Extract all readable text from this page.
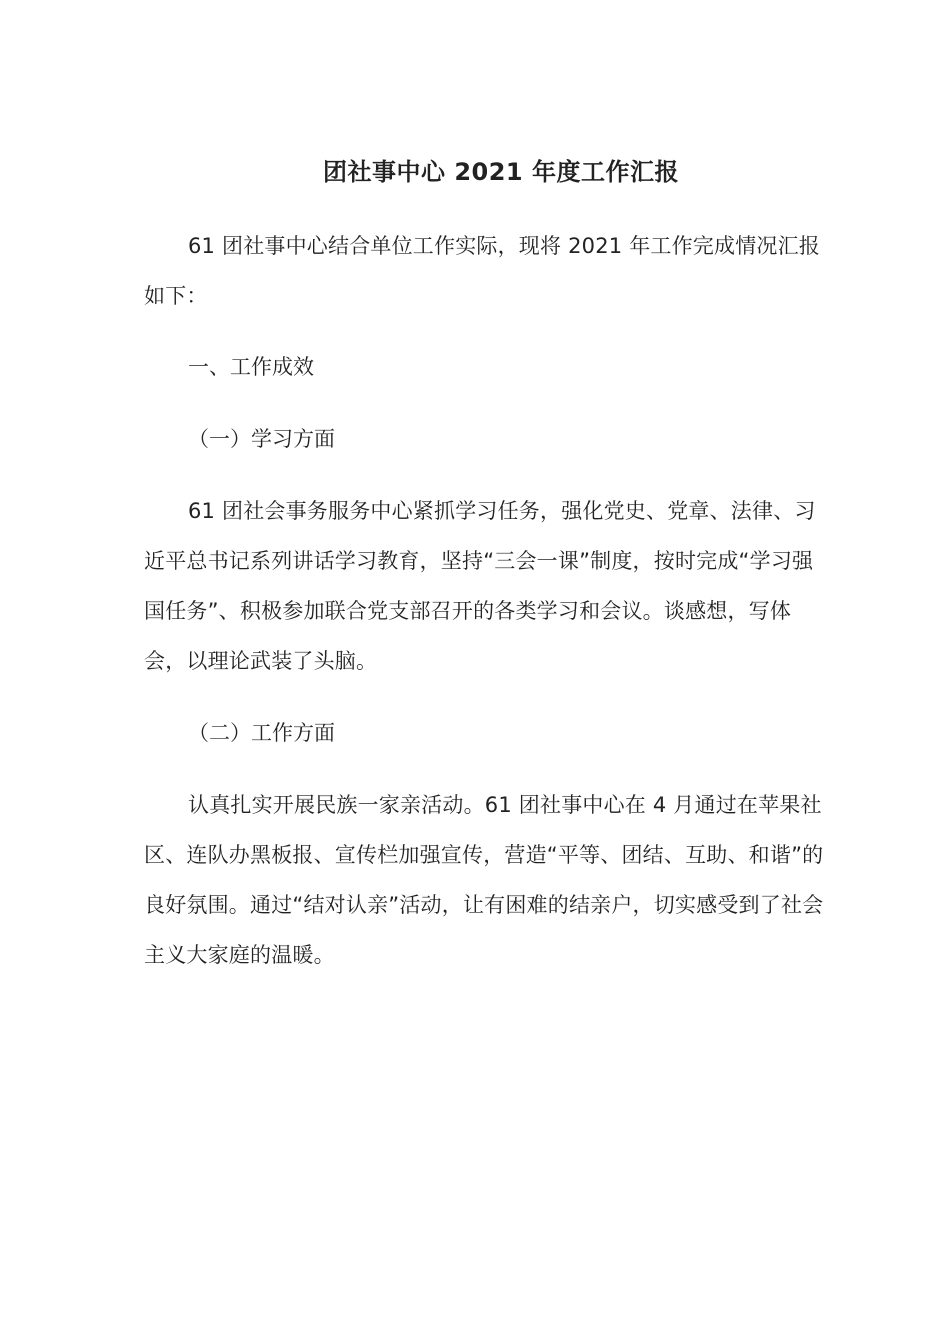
团社事中心 2021 年度工作汇报

61 团社事中心结合单位工作实际，现将 2021 年工作完成情况汇报如下：

一、工作成效

（一）学习方面

61 团社会事务服务中心紧抓学习任务，强化党史、党章、法律、习近平总书记系列讲话学习教育，坚持“三会一课”制度，按时完成“学习强国任务”、积极参加联合党支部召开的各类学习和会议。谈感想，写体会，以理论武装了头脑。

（二）工作方面

认真扎实开展民族一家亲活动。61 团社事中心在 4 月通过在苹果社区、连队办黑板报、宣传栏加强宣传，营造“平等、团结、互助、和谐”的良好氛围。通过“结对认亲”活动，让有困难的结亲户，切实感受到了社会主义大家庭的温暖。
